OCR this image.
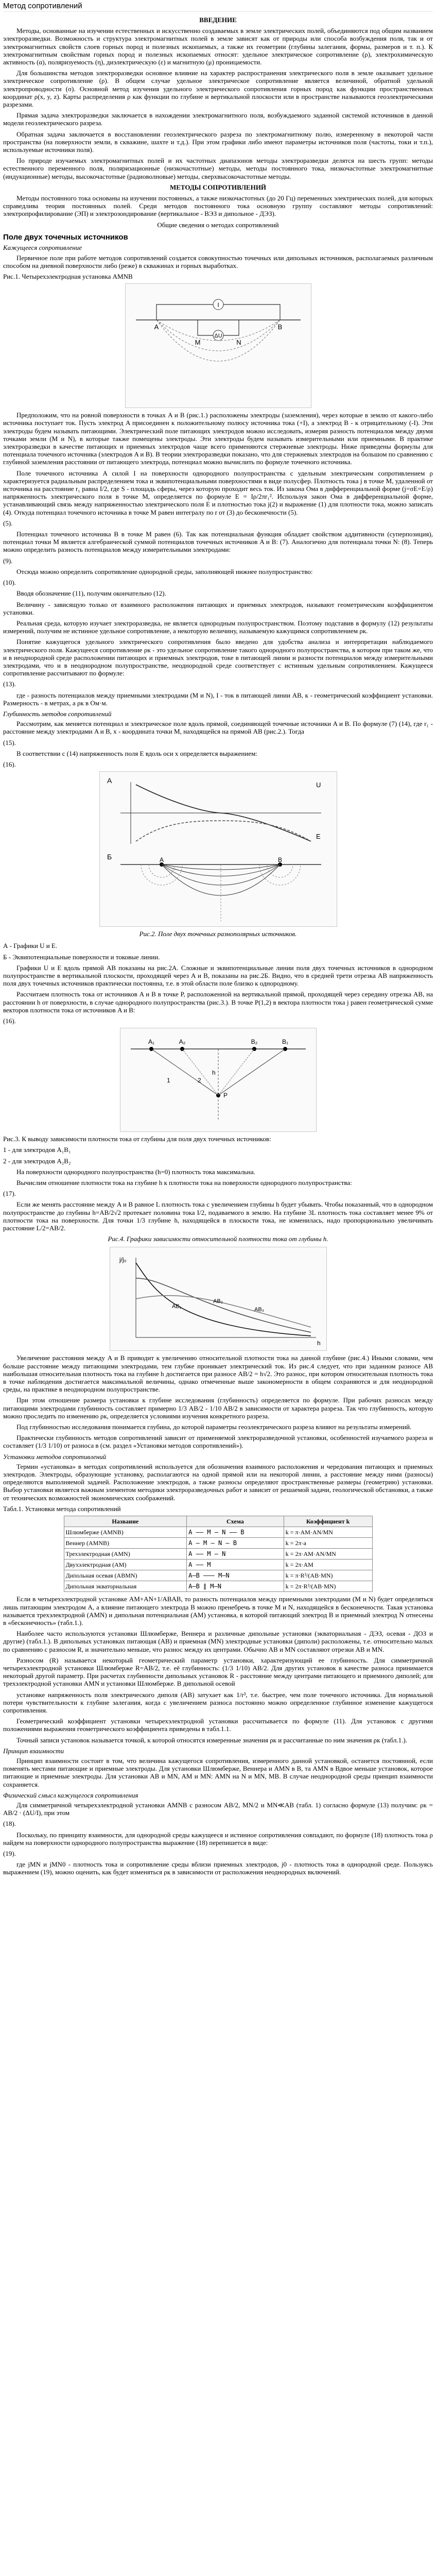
Метод сопротивлений

ВВЕДЕНИЕ

Методы, основанные на изучении естественных и искусственно создаваемых в земле электрических полей, объединяются под общим названием электроразведки. Возможность и структура электромагнитных полей в земле зависят как от природы или способа возбуждения поля, так и от электромагнитных свойств слоев горных пород и полезных ископаемых, а также их геометрии (глубины залегания, формы, размеров и т. п.). К электромагнитным свойствам горных пород и полезных ископаемых относят: удельное электрическое сопротивление (ρ), электрохимическую активность (α), поляризуемость (η), диэлектрическую (ε) и магнитную (μ) проницаемости.

Для большинства методов электроразведки основное влияние на характер распространения электрического поля в земле оказывает удельное электрическое сопротивление (ρ). В общем случае удельное электрическое сопротивление является величиной, обратной удельной электропроводности (σ). Основной метод изучения удельного электрического сопротивления горных пород как функции пространственных координат ρ(x, y, z). Карты распределения ρ как функции по глубине и вертикальной плоскости или в пространстве называются геоэлектрическими разрезами.

Прямая задача электроразведки заключается в нахождении электромагнитного поля, возбуждаемого заданной системой источников в данной модели геоэлектрического разреза.

Обратная задача заключается в восстановлении геоэлектрического разреза по электромагнитному полю, измеренному в некоторой части пространства (на поверхности земли, в скважине, шахте и т.д.). При этом графики либо имеют параметры источников поля (частоты, токи и т.п.), используемые источники поля).

По природе изучаемых электромагнитных полей и их частотных диапазонов методы электроразведки делятся на шесть групп: методы естественного переменного поля, поляризационные (низкочастотные) методы, методы постоянного тока, низкочастотные электромагнитные (индукционные) методы, высокочастотные (радиоволновые) методы, сверхвысокочастотные методы.

МЕТОДЫ СОПРОТИВЛЕНИЙ

Методы постоянного тока основаны на изучении постоянных, а также низкочастотных (до 20 Гц) переменных электрических полей, для которых справедлива теория постоянных полей. Среди методов постоянного тока основную группу составляют методы сопротивлений: электропрофилирование (ЭП) и электрозондирование (вертикальное - ВЭЗ и дипольное - ДЭЗ).

Общие сведения о методах сопротивлений

Поле двух точечных источников

Кажущееся сопротивление

Первичное поле при работе методов сопротивлений создается совокупностью точечных или дипольных источников, располагаемых различным способом на дневной поверхности либо (реже) в скважинах и горных выработках.

Рис.1. Четырехэлектродная установка AMNB

I
ΔU
A
M	N
B

Предположим, что на ровной поверхности в точках A и B (рис.1.) расположены электроды (заземления), через которые в землю от какого-либо источника поступает ток. Пусть электрод A присоединен к положительному полюсу источника тока (+I), а электрод B - к отрицательному (-I). Эти электроды будем называть питающими. Электрический поле питающих электродов можно исследовать, измеряя разность потенциалов между двумя точками земли (M и N), в которые также помещены электроды. Эти электроды будем называть измерительными или приемными. В практике электроразведки в качестве питающих и приемных электродов чаще всего применяются стержневые электроды. Ниже приведены формулы для потенциала точечного источника (электродов A и B). В теории электроразведки показано, что для стержневых электродов на большом по сравнению с глубиной заземления расстоянии от питающего электрода, потенциал можно вычислить по формуле точечного источника.

Поле точечного источника A силой I на поверхности однородного полупространства с удельным электрическим сопротивлением ρ характеризуется радиальным распределением тока и эквипотенциальными поверхностями в виде полусфер. Плотность тока j в точке M, удаленной от источника на расстояние r₁ равна I/2, где S - площадь сферы, через которую проходит весь ток. Из закона Ома в дифференциальной форме (j=σE=E/ρ) напряженность электрического поля в точке M, определяется по формуле E = Iρ/2πr₁². Используя закон Ома в дифференциальной форме, устанавливающий связь между напряженностью электрического поля E и плотностью тока j(2) и выражение (1) для плотности тока, можно записать (4). Откуда потенциал точечного источника в точке M равен интегралу по r от (3) до бесконечности (5).

(5).

Потенциал точечного источника B в точке M равен (6). Так как потенциальная функция обладает свойством аддитивности (суперпозиция), потенциал точки M является алгебраической суммой потенциалов точечных источников A и B: (7). Аналогично для потенциала точки N: (8). Теперь можно определить разность потенциалов между измерительными электродами:

(9).

Отсюда можно определить сопротивление однородной среды, заполняющей нижнее полупространство:

(10).

Вводя обозначение (11), получим окончательно (12).

Величину - зависящую только от взаимного расположения питающих и приемных электродов, называют геометрическим коэффициентом установки.

Реальная среда, которую изучает электроразведка, не является однородным полупространством. Поэтому подставив в формулу (12) результаты измерений, получим не истинное удельное сопротивление, а некоторую величину, называемую кажущимся сопротивлением ρк.

Понятие кажущегося удельного электрического сопротивления было введено для удобства анализа и интерпретации наблюдаемого электрического поля. Кажущееся сопротивление ρк - это удельное сопротивление такого однородного полупространства, в котором при таком же, что и в неоднородной среде расположении питающих и приемных электродов, токе в питающей линии и разности потенциалов между измерительными электродами, что и в неоднородном полупространстве, неоднородной среде соответствует с истинным удельным сопротивлением. Кажущееся сопротивление рассчитывают по формуле:

(13).

где - разность потенциалов между приемными электродами (M и N), I - ток в питающей линии AB, к - геометрический коэффициент установки. Размерность - в метрах, а ρк в Ом·м.

Глубинность методов сопротивлений

Рассмотрим, как меняется потенциал и электрическое поле вдоль прямой, соединяющей точечные источники A и B. По формуле (7) (14), где r₁ - расстояние между электродами A и B, x - координата точки M, находящейся на прямой AB (рис.2.). Тогда

(15).

В соответствии с (14) напряженность поля E вдоль оси x определяется выражением:

(16).

А
U
E
Б	A	B

Рис.2. Поле двух точечных разнополярных источников.

А - Графики U и E.

Б - Эквипотенциальные поверхности и токовые линии.

Графики U и E вдоль прямой AB показаны на рис.2А. Сложные и эквипотенциальные линии поля двух точечных источников в однородном полупространстве в вертикальной плоскости, проходящей через A и B, показаны на рис.2Б. Видно, что в средней трети отрезка AB напряженность поля двух точечных источников практически постоянна, т.е. в этой области поле близко к однородному.

Рассчитаем плотность тока от источников A и B в точке P, расположенной на вертикальной прямой, проходящей через середину отрезка AB, на расстоянии h от поверхности, в случае однородного полупространства (рис.3.). В точке P(1,2) в вектора плотности тока j равен геометрической сумме векторов плотности тока от источников A и B:

(16).

A₁	A₂	B₂	B₁
P
h
1	2

Рис.3. К выводу зависимости плотности тока от глубины для поля двух точечных источников:

1 - для электродов A₁B₁

2 - для электродов A₂B₂

На поверхности однородного полупространства (h=0) плотность тока максимальна.

Вычислим отношение плотности тока на глубине h к плотности тока на поверхности однородного полупространства:

(17).

Если же менять расстояние между A и B равное L плотность тока с увеличением глубины h будет убывать. Чтобы показанный, что в однородном полупространстве до глубины h=AB/2√2 протекает половина тока I/2, подаваемого в землю. На глубине 3L плотность тока составляет менее 9% от плотности тока на поверхности. Для точки 1/3 глубине h, находящейся в плоскости тока, не изменилась, надо пропорционально увеличивать расстояние L/2=AB/2.

Рис.4. Графики зависимости относительной плотности тока от глубины h.

j/j₀
h
AB₁
AB₂
AB₃

Увеличение расстояния между A и B приводит к увеличению относительной плотности тока на данной глубине (рис.4.) Иными словами, чем больше расстояние между питающими электродами, тем глубже проникает электрический ток. Из рис.4 следует, что при заданном разносе AB наибольшая относительная плотность тока на глубине h достигается при разносе AB/2 = h√2. Это разнос, при котором относительная плотность тока в точке наблюдения достигается максимальной величины, однако отмеченные выше закономерности в общем сохраняются и для неоднородной среды, на практике в неоднородном полупространстве.

При этом отношение размера установки к глубине исследования (глубинность) определяется по формуле. При рабочих разносах между питающими электродами глубинность составляет примерно 1/3 AB/2 - 1/10 AB/2 в зависимости от характера разреза. Так что глубинность, которую можно проследить по изменению ρк, определяется условиями изучения конкретного разреза.

Под глубинностью исследования понимается глубина, до которой параметры геоэлектрического разреза влияют на результаты измерений.

Практически глубинность методов сопротивлений зависит от применяемой электроразведочной установки, особенностей изучаемого разреза и составляет (1/3 1/10) от разноса в (см. раздел «Установки методов сопротивлений»).

Установки методов сопротивлений

Термин «установка» в методах сопротивлений используется для обозначения взаимного расположения и чередования питающих и приемных электродов. Электроды, образующие установку, располагаются на одной прямой или на некоторой линии, а расстояние между ними (разносы) определяются выполняемой задачей. Расположение электродов, а также разносы определяют пространственные размеры (геометрию) установки. Выбор установки является важным элементом методики электроразведочных работ и зависит от решаемой задачи, геологической обстановки, а также от технических возможностей экономических соображений.

Табл.1. Установки метода сопротивлений

Название	Схема	Коэффициент k
Шлюмберже (AMNB)	A —— M — N —— B	k = π·AM·AN/MN
Веннер (AMNB)	A — M — N — B	k = 2π·a
Трехэлектродная (AMN)	A —— M — N	k = 2π·AM·AN/MN
Двухэлектродная (AM)	A —— M	k = 2π·AM
Дипольная осевая (ABMN)	A—B ——— M—N	k = π·R³/(AB·MN)
Дипольная экваториальная	A—B ∥ M—N	k = 2π·R³/(AB·MN)

Если в четырехэлектродной установке AM+AN+1/ABAB, то разность потенциалов между приемными электродами (M и N) будет определяться лишь питающим электродом A, а влияние питающего электрода B можно пренебречь в точке M и N, находящейся в бесконечности. Такая установка называется трехэлектродной (AMN) и дипольная потенциальная (AM) установка, в которой питающий электрод B и приемный электрод N отнесены в «бесконечность» (табл.1.).

Наиболее часто используются установки Шлюмберже, Веннера и различные дипольные установки (экваториальная - ДЭЗ, осевая - ДОЗ и другие) (табл.1.). В дипольных установках питающая (AB) и приемная (MN) электродные установки (диполи) расположены, т.е. относительно малых по сравнению с разносом R, и значительно меньше, что разнос между их центрами. Обычно AB и MN составляют отрезки AB и MN.

Разносом (R) называется некоторый геометрический параметр установки, характеризующий ее глубинность. Для симметричной четырехэлектродной установки Шлюмберже R=AB/2, т.е. её глубинность: (1/3 1/10) AB/2. Для других установок в качестве разноса принимается некоторый другой параметр. При расчетах глубинности дипольных установок R - расстояние между центрами питающего и приемного диполей; для трехэлектродной установки AMN и установки Шлюмберже. В дипольной осевой

установке напряженность поля электрического диполя (AB) затухает как 1/r³, т.е. быстрее, чем поле точечного источника. Для нормальной потери чувствительности к глубине залегания, когда с увеличением разноса постоянно можно определенное глубинное изменение кажущегося сопротивления.

Геометрический коэффициент установки четырехэлектродной установки рассчитывается по формуле (11). Для установок с другими положениями выражения геометрического коэффициента приведены в табл.1.1.

Точный записи установок называется точкой, к которой относятся измеренные значения ρк и рассчитанные по ним значения ρк (табл.1.).

Принцип взаимности

Принцип взаимности состоит в том, что величина кажущегося сопротивления, измеренного данной установкой, останется постоянной, если поменять местами питающие и приемные электроды. Для установки Шлюмберже, Веннера и AMN в В, та AMN в Вдвое меньше установок, которое питающие и приемные электроды. Для установки AB и MN, AM и MN: AMN на N и MN, MB. В случае неоднородной среды принцип взаимности сохраняется.

Физический смысл кажущегося сопротивления

Для симметричной четырехэлектродной установки AMNB с разносом AB/2, MN/2 и MN≪AB (табл. 1) согласно формуле (13) получим: ρк = AB/2 · (ΔU/I), при этом

(18).

Поскольку, по принципу взаимности, для однородной среды кажущееся и истинное сопротивления совпадают, по формуле (18) плотность тока ρ найдем на поверхности однородного полупространства выражение (18) перепишется в виде:

(19).

где jMN и jMN0 - плотность тока и сопротивление среды вблизи приемных электродов, j0 - плотность тока в однородной среде. Пользуясь выражением (19), можно оценить, как будет изменяться ρк в зависимости от расположения неоднородных включений.
